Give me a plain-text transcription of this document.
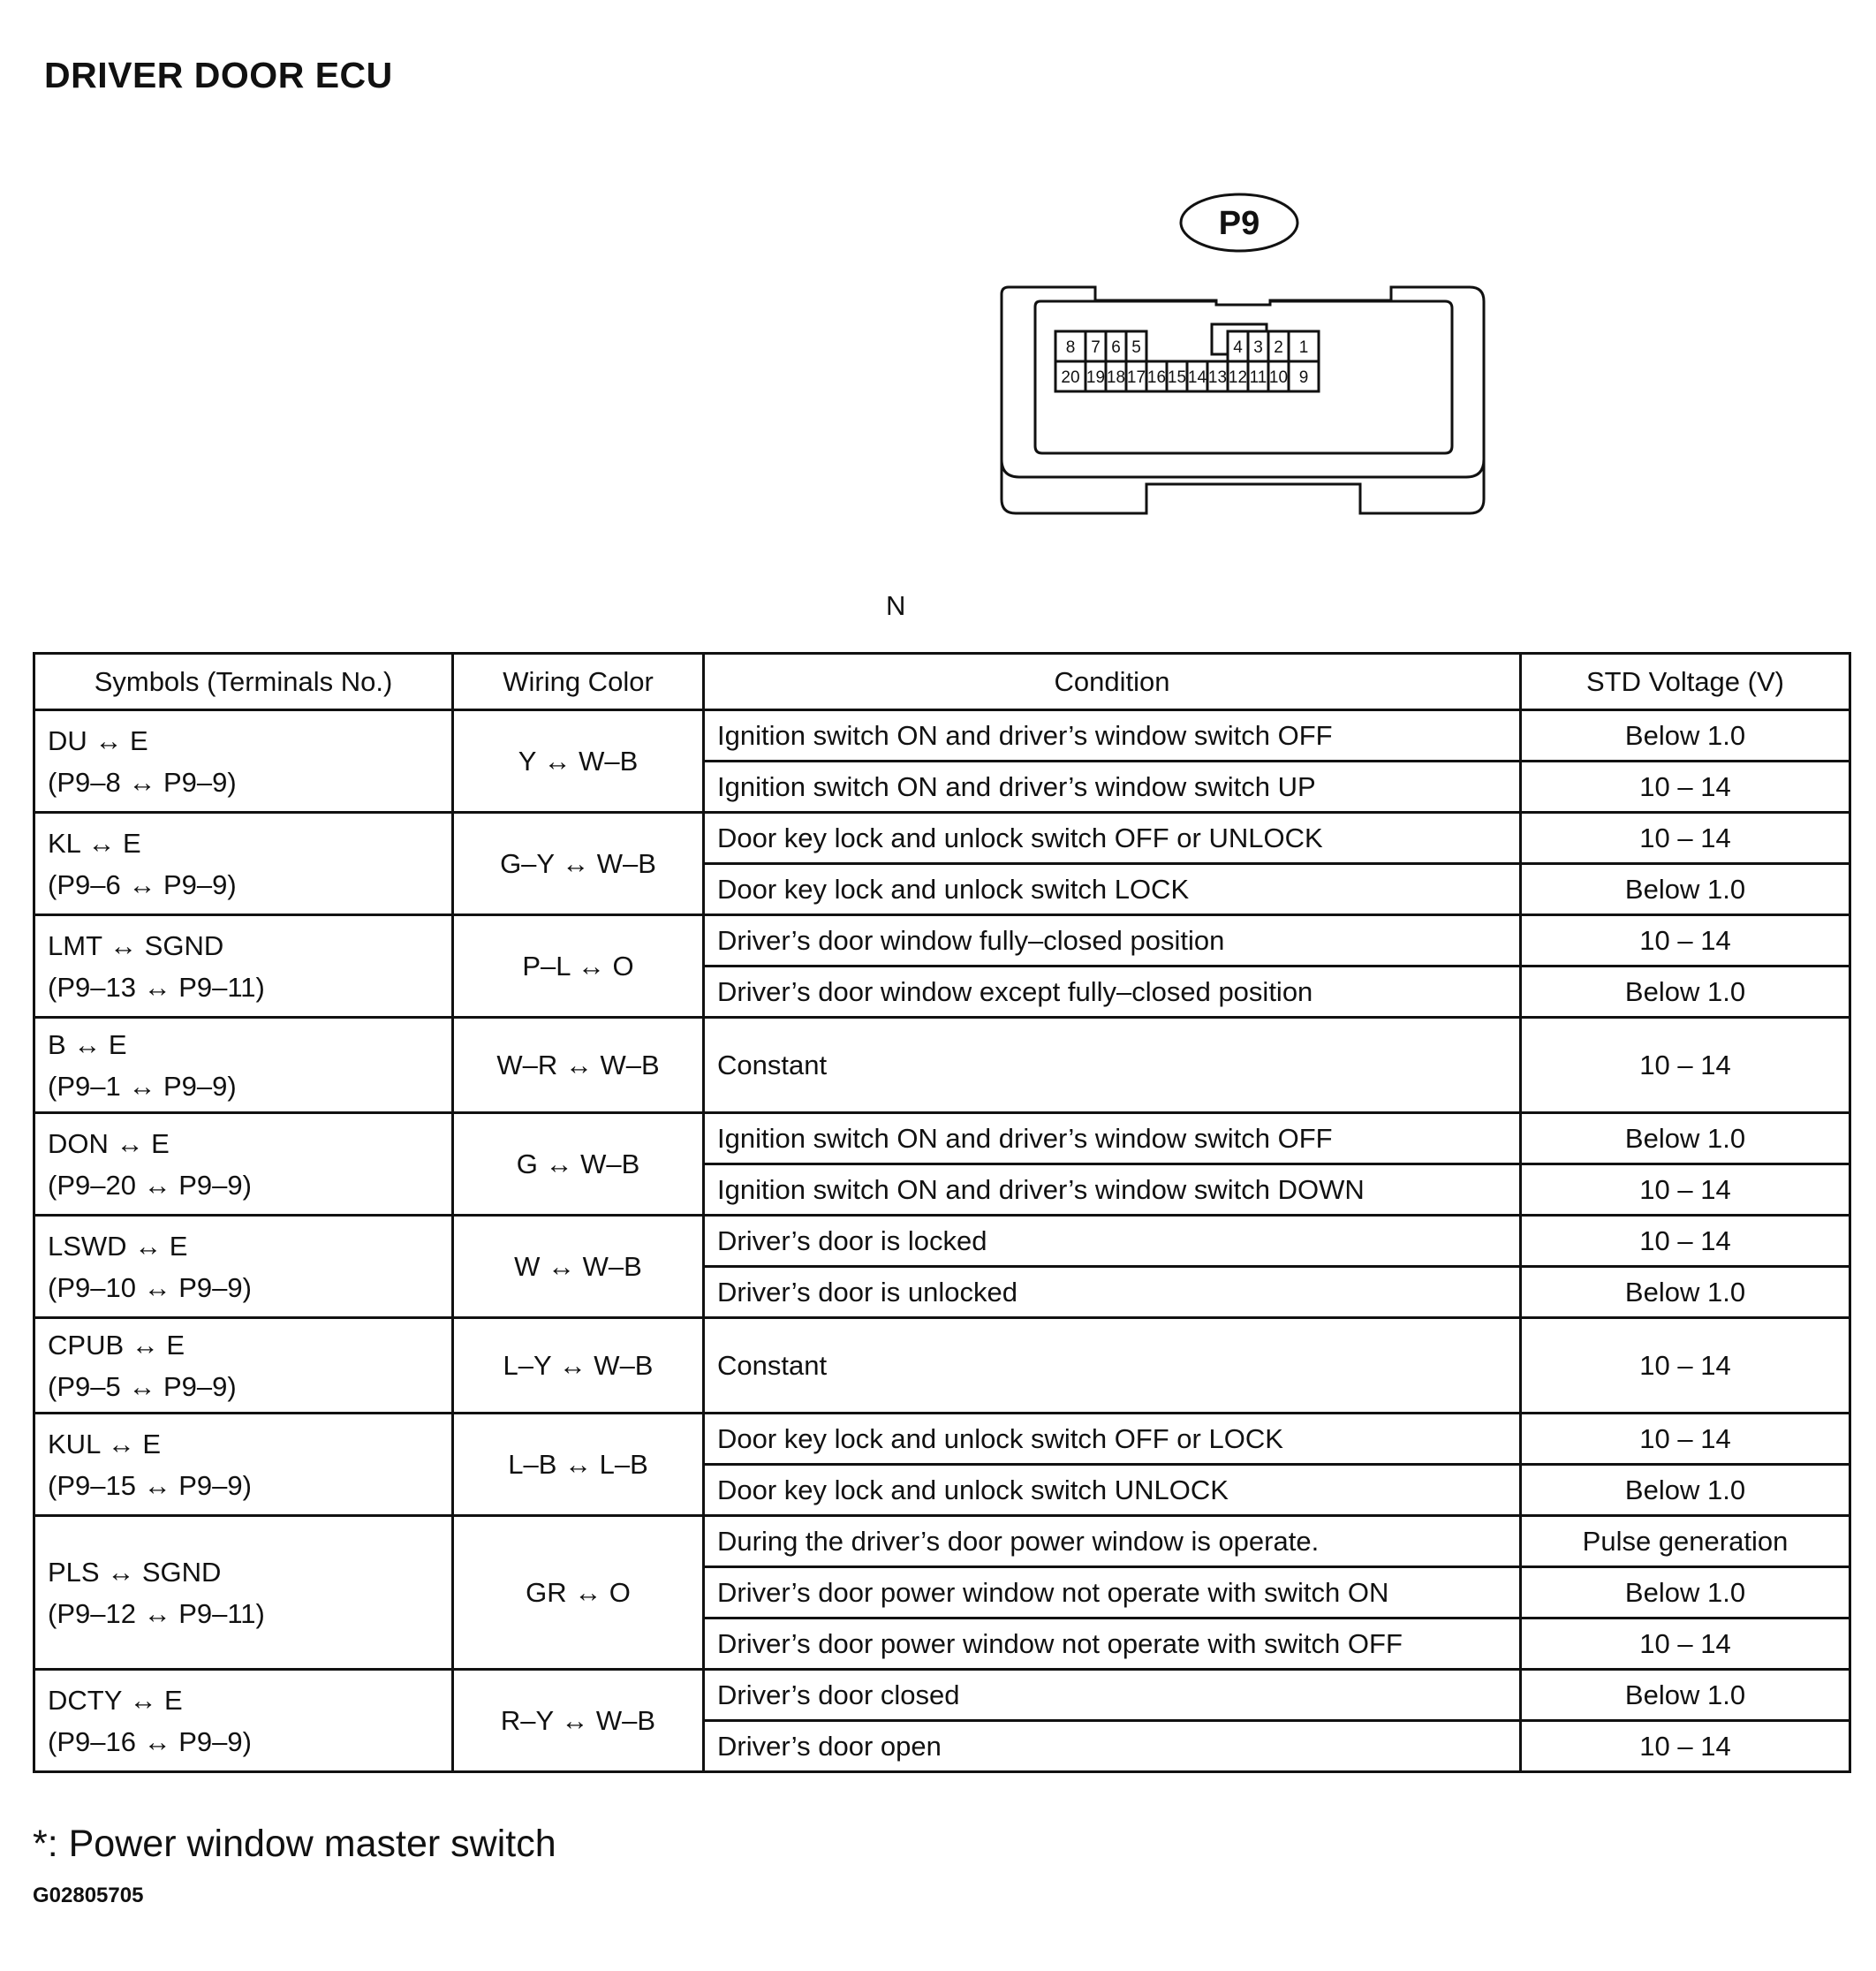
DRIVER DOOR ECU
P9
8 7 6 5	4 3 2 1
20 19 18 17 16 15 14 13 12 11 10 9
N
Symbols (Terminals No.)	Wiring Color	Condition	STD Voltage (V)

DU ↔ E
(P9–8 ↔ P9–9)	Y ↔ W–B	Ignition switch ON and driver’s window switch OFF	Below 1.0
		Ignition switch ON and driver’s window switch UP	10 – 14

KL ↔ E
(P9–6 ↔ P9–9)	G–Y ↔ W–B	Door key lock and unlock switch OFF or UNLOCK	10 – 14
		Door key lock and unlock switch LOCK	Below 1.0

LMT ↔ SGND
(P9–13 ↔ P9–11)	P–L ↔ O	Driver’s door window fully–closed position	10 – 14
		Driver’s door window except fully–closed position	Below 1.0

B ↔ E
(P9–1 ↔ P9–9)	W–R ↔ W–B	Constant	10 – 14

DON ↔ E
(P9–20 ↔ P9–9)	G ↔ W–B	Ignition switch ON and driver’s window switch OFF	Below 1.0
		Ignition switch ON and driver’s window switch DOWN	10 – 14

LSWD ↔ E
(P9–10 ↔ P9–9)	W ↔ W–B	Driver’s door is locked	10 – 14
		Driver’s door is unlocked	Below 1.0

CPUB ↔ E
(P9–5 ↔ P9–9)	L–Y ↔ W–B	Constant	10 – 14

KUL ↔ E
(P9–15 ↔ P9–9)	L–B ↔ L–B	Door key lock and unlock switch OFF or LOCK	10 – 14
		Door key lock and unlock switch UNLOCK	Below 1.0

PLS ↔ SGND
(P9–12 ↔ P9–11)	GR ↔ O	During the driver’s door power window is operate.	Pulse generation
		Driver’s door power window not operate with switch ON	Below 1.0
		Driver’s door power window not operate with switch OFF	10 – 14

DCTY ↔ E
(P9–16 ↔ P9–9)	R–Y ↔ W–B	Driver’s door closed	Below 1.0
		Driver’s door open	10 – 14
*: Power window master switch
G02805705
